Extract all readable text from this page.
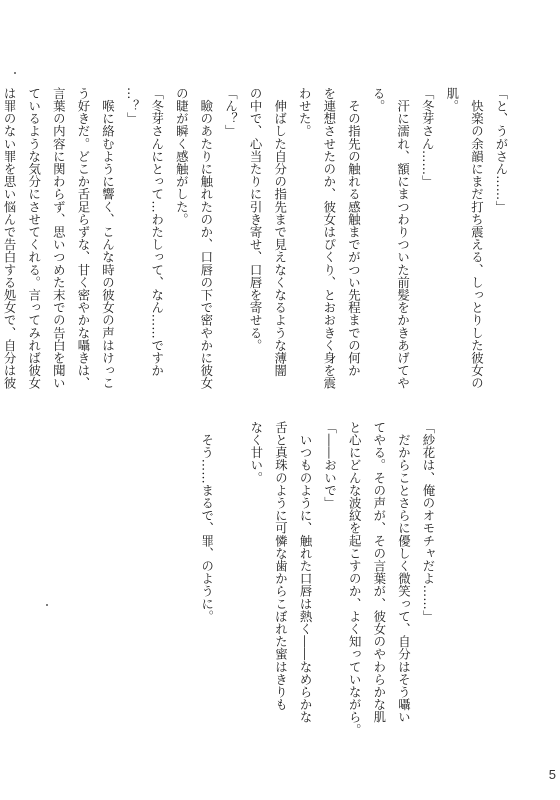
「と、うがさん……」
　快楽の余韻にまだ打ち震える、しっとりした彼女の
肌。
「冬芽さん……」
　汗に濡れ、額にまつわりついた前髪をかきあげてや
る。
　その指先の触れる感触までがつい先程までの何か
を連想させたのか、彼女はぴくり、とおおきく身を震
わせた。
　伸ばした自分の指先まで見えなくなるような薄闇
の中で、心当たりに引き寄せ、口唇を寄せる。
「ん？」
　瞼のあたりに触れたのか、口唇の下で密やかに彼女
の睫が瞬く感触がした。
「冬芽さんにとって…わたしって、なん……ですか
…？」
　喉に絡むように響く、こんな時の彼女の声はけっこ
う好きだ。どこか舌足らずな、甘く密やかな囁きは、
言葉の内容に関わらず、思いつめた末での告白を聞い
ているような気分にさせてくれる。言ってみれば彼女
は罪のない罪を思い悩んで告白する処女で、自分は彼
「紗花は、俺のオモチャだよ……」
　だからことさらに優しく微笑って、自分はそう囁い
てやる。その声が、その言葉が、彼女のやわらかな肌
と心にどんな波紋を起こすのか、よく知っていながら。
「――おいで」
　いつものように、触れた口唇は熱く――なめらかな
舌と真珠のように可憐な歯からこぼれた蜜はきりも
なく甘い。

　そう……まるで、罪、のように。
5
